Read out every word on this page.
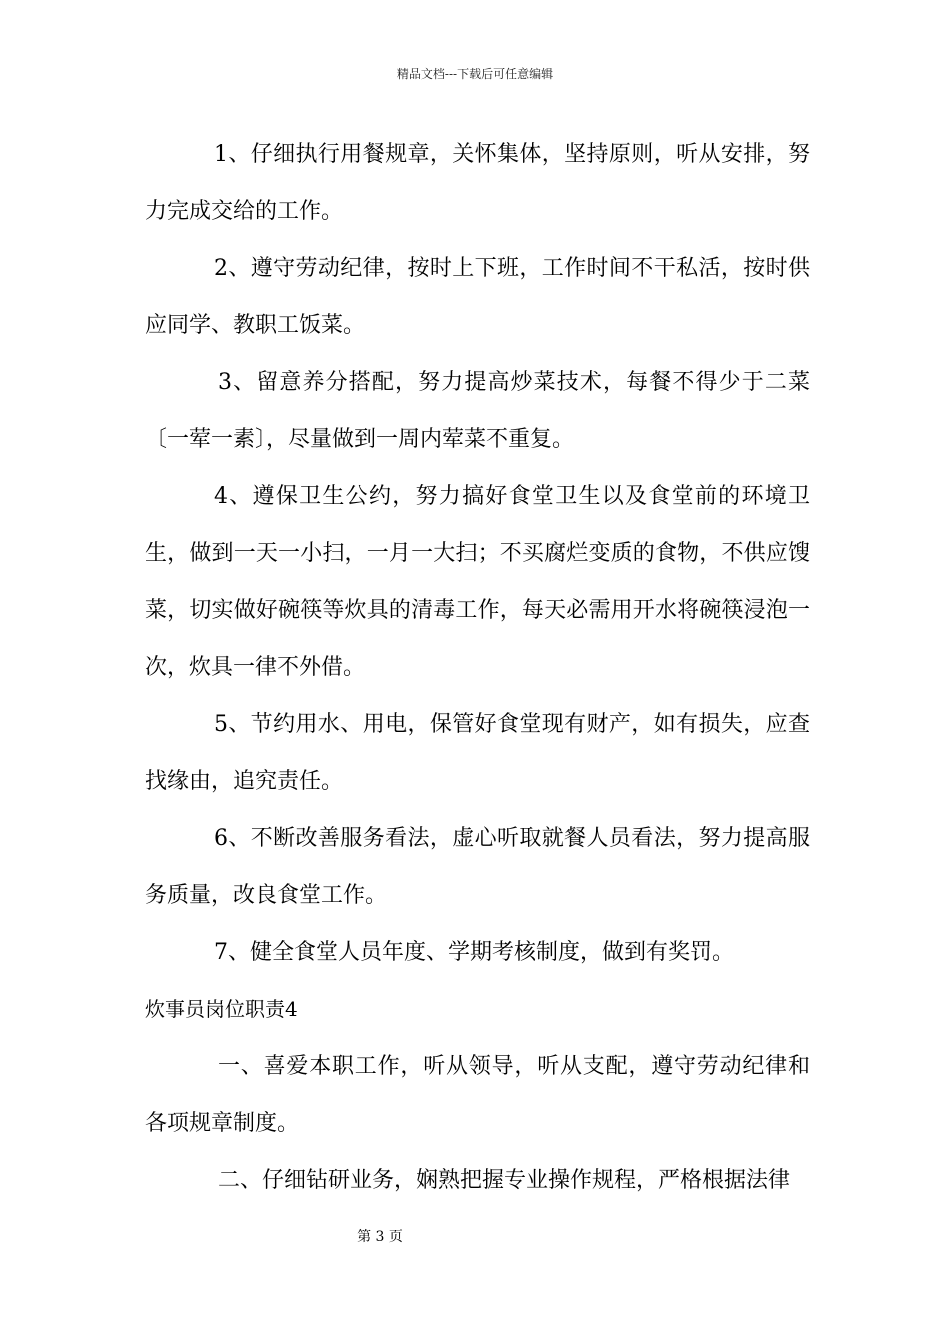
精品文档---下载后可任意编辑

1、仔细执行用餐规章，关怀集体，坚持原则，听从安排，努力完成交给的工作。

2、遵守劳动纪律，按时上下班，工作时间不干私活，按时供应同学、教职工饭菜。

3、留意养分搭配，努力提高炒菜技术，每餐不得少于二菜〔一荤一素〕，尽量做到一周内荤菜不重复。

4、遵保卫生公约，努力搞好食堂卫生以及食堂前的环境卫生，做到一天一小扫，一月一大扫；不买腐烂变质的食物，不供应馊菜，切实做好碗筷等炊具的清毒工作，每天必需用开水将碗筷浸泡一次，炊具一律不外借。

5、节约用水、用电，保管好食堂现有财产，如有损失，应查找缘由，追究责任。

6、不断改善服务看法，虚心听取就餐人员看法，努力提高服务质量，改良食堂工作。

7、健全食堂人员年度、学期考核制度，做到有奖罚。

炊事员岗位职责4

一、喜爱本职工作，听从领导，听从支配，遵守劳动纪律和各项规章制度。

二、仔细钻研业务，娴熟把握专业操作规程，严格根据法律

第 3 页
